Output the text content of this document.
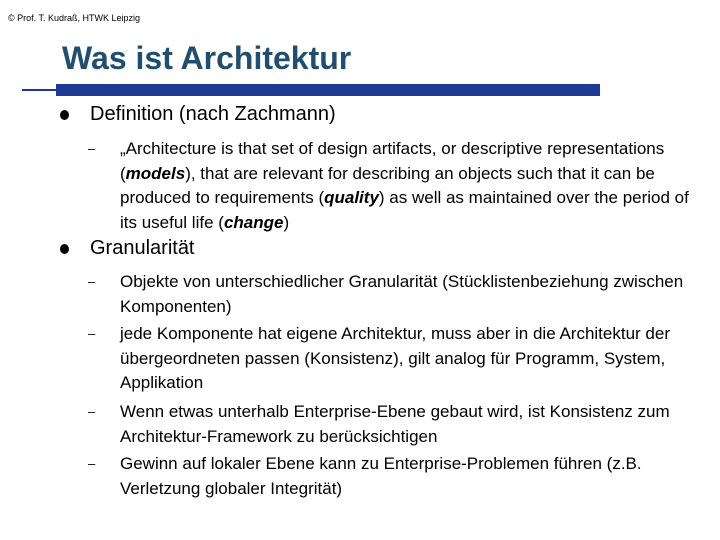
© Prof. T. Kudraß, HTWK Leipzig
Was ist Architektur
Definition (nach Zachmann)
– „Architecture is that set of design artifacts, or descriptive representations (models), that are relevant for describing an objects such that it can be produced to requirements (quality) as well as maintained over the period of its useful life (change)
Granularität
– Objekte von unterschiedlicher Granularität (Stücklistenbeziehung zwischen Komponenten)
– jede Komponente hat eigene Architektur, muss aber in die Architektur der übergeordneten passen (Konsistenz), gilt analog für Programm, System, Applikation
– Wenn etwas unterhalb Enterprise-Ebene gebaut wird, ist Konsistenz zum Architektur-Framework zu berücksichtigen
– Gewinn auf lokaler Ebene kann zu Enterprise-Problemen führen (z.B. Verletzung globaler Integrität)
